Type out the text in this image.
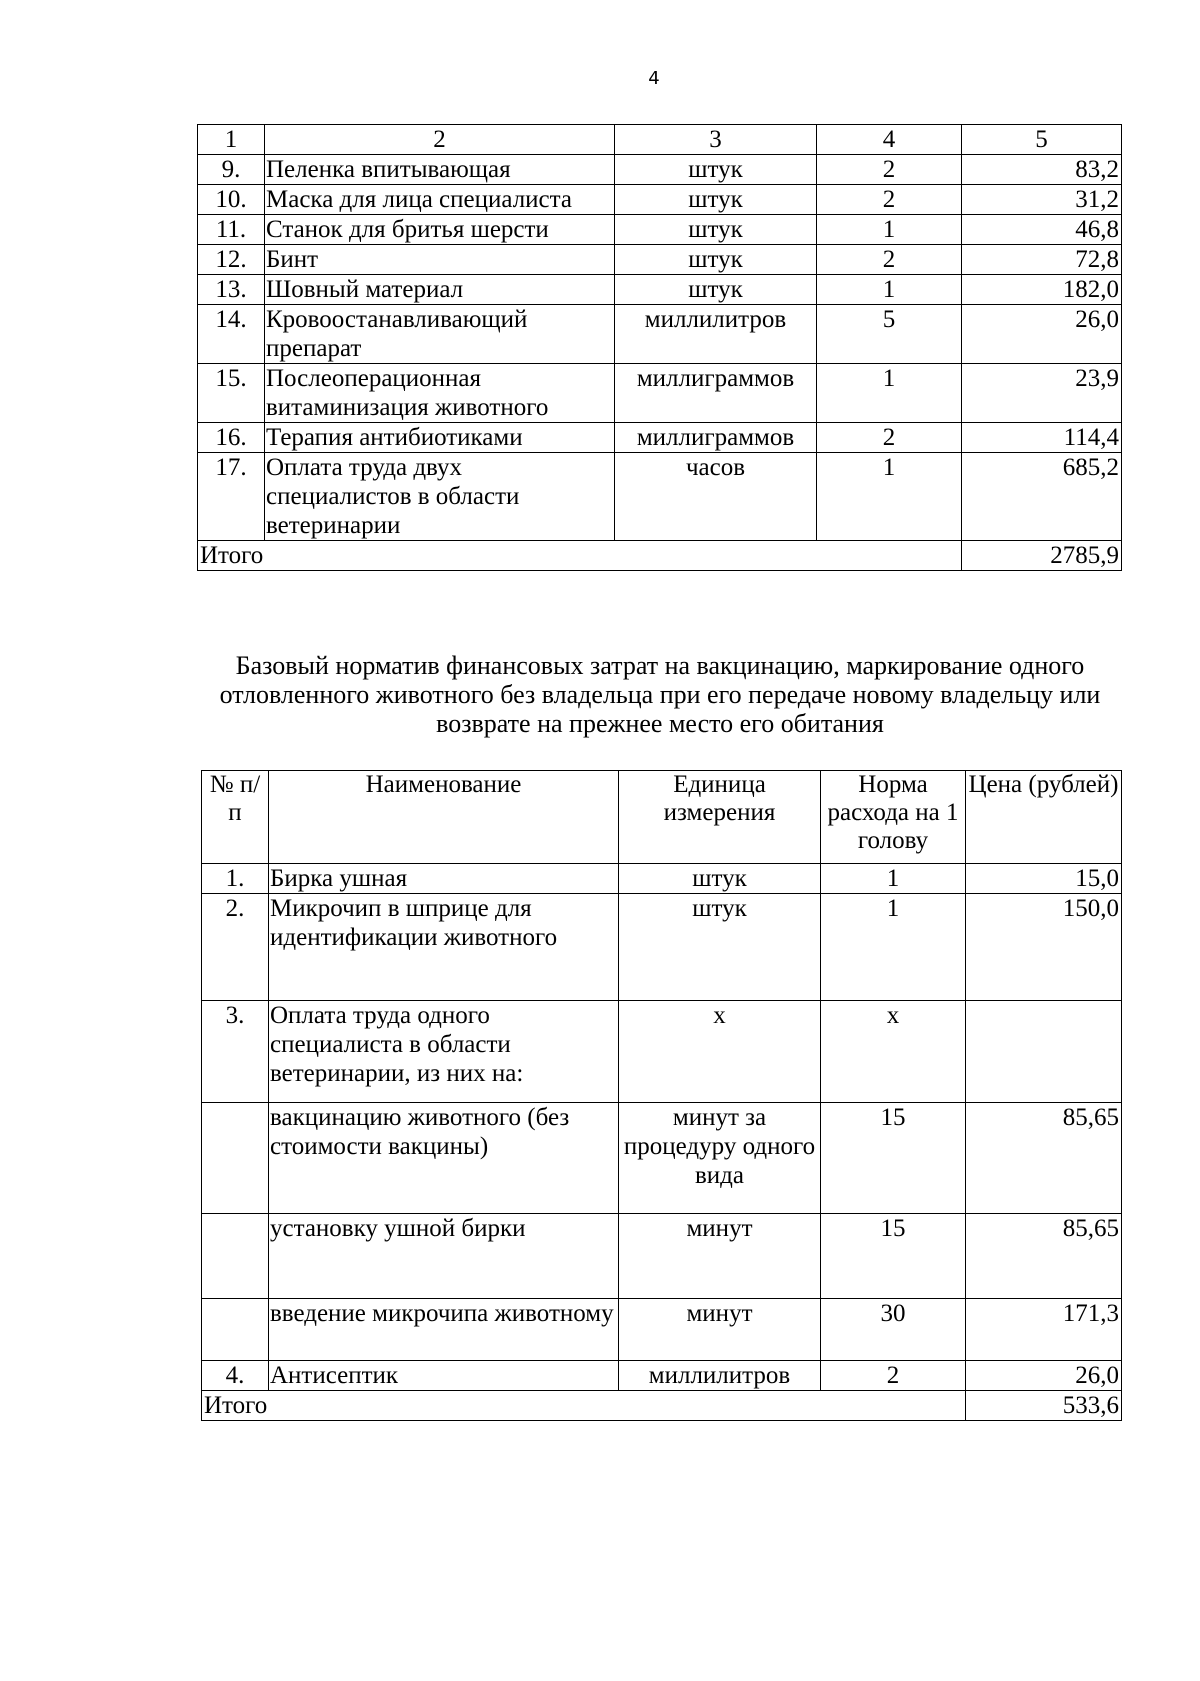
4
1	2	3	4	5
9.	Пеленка впитывающая	штук	2	83,2
10.	Маска для лица специалиста	штук	2	31,2
11.	Станок для бритья шерсти	штук	1	46,8
12.	Бинт	штук	2	72,8
13.	Шовный материал	штук	1	182,0
14.	Кровоостанавливающий препарат	миллилитров	5	26,0
15.	Послеоперационная витаминизация животного	миллиграммов	1	23,9
16.	Терапия антибиотиками	миллиграммов	2	114,4
17.	Оплата труда двух специалистов в области ветеринарии	часов	1	685,2
Итого				2785,9
Базовый норматив финансовых затрат на вакцинацию, маркирование одного отловленного животного без владельца при его передаче новому владельцу или возврате на прежнее место его обитания
№ п/п	Наименование	Единица измерения	Норма расхода на 1 голову	Цена (рублей)
1.	Бирка ушная	штук	1	15,0
2.	Микрочип в шприце для идентификации животного	штук	1	150,0
3.	Оплата труда одного специалиста в области ветеринарии, из них на:	х	х	
	вакцинацию животного (без стоимости вакцины)	минут за процедуру одного вида	15	85,65
	установку ушной бирки	минут	15	85,65
	введение микрочипа животному	минут	30	171,3
4.	Антисептик	миллилитров	2	26,0
Итого				533,6
